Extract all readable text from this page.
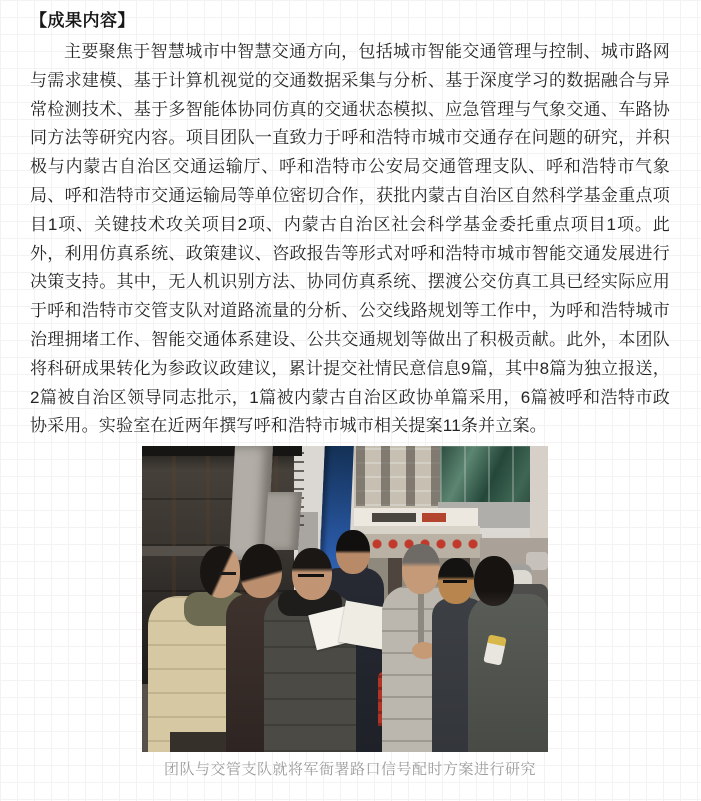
【成果内容】

主要聚焦于智慧城市中智慧交通方向，包括城市智能交通管理与控制、城市路网与需求建模、基于计算机视觉的交通数据采集与分析、基于深度学习的数据融合与异常检测技术、基于多智能体协同仿真的交通状态模拟、应急管理与气象交通、车路协同方法等研究内容。项目团队一直致力于呼和浩特市城市交通存在问题的研究，并积极与内蒙古自治区交通运输厅、呼和浩特市公安局交通管理支队、呼和浩特市气象局、呼和浩特市交通运输局等单位密切合作，获批内蒙古自治区自然科学基金重点项目1项、关键技术攻关项目2项、内蒙古自治区社会科学基金委托重点项目1项。此外，利用仿真系统、政策建议、咨政报告等形式对呼和浩特市城市智能交通发展进行决策支持。其中，无人机识别方法、协同仿真系统、摆渡公交仿真工具已经实际应用于呼和浩特市交管支队对道路流量的分析、公交线路规划等工作中，为呼和浩特城市治理拥堵工作、智能交通体系建设、公共交通规划等做出了积极贡献。此外，本团队将科研成果转化为参政议政建议，累计提交社情民意信息9篇，其中8篇为独立报送，2篇被自治区领导同志批示，1篇被内蒙古自治区政协单篇采用，6篇被呼和浩特市政协采用。实验室在近两年撰写呼和浩特市城市相关提案11条并立案。

团队与交管支队就将军衙署路口信号配时方案进行研究
